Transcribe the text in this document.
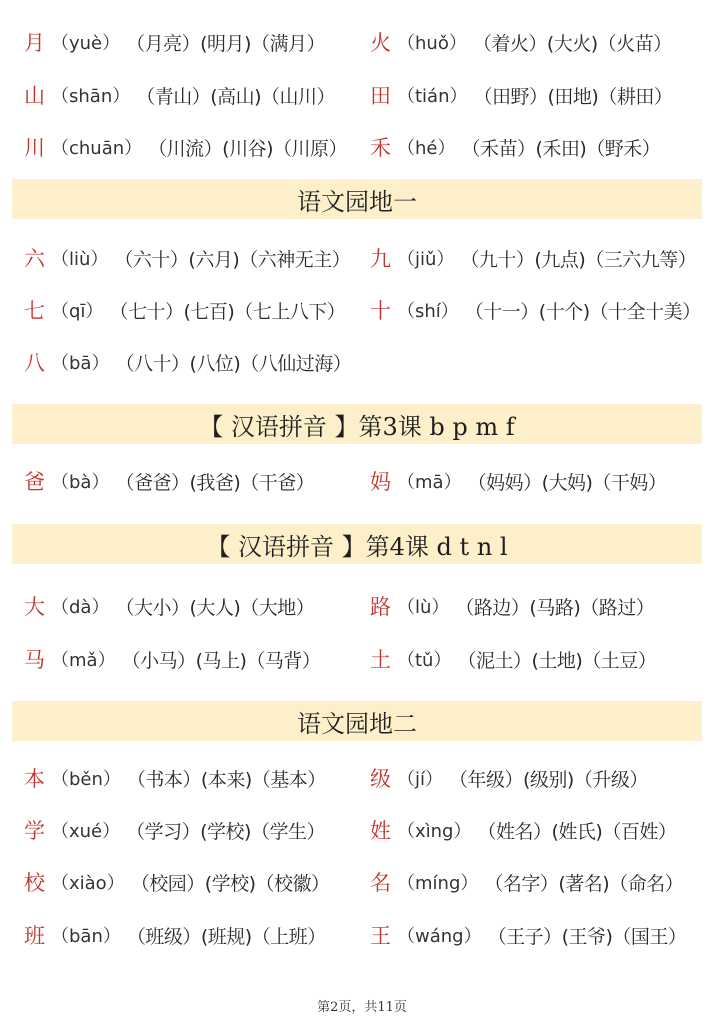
月 （yuè） （月亮）(明月)（满月） 火 （huǒ） （着火）(大火)（火苗）
山 （shān） （青山）(高山)（山川） 田 （tián） （田野）(田地)（耕田）
川 （chuān） （川流）(川谷)（川原） 禾 （hé） （禾苗）(禾田)（野禾）
语文园地一
六 （liù） （六十）(六月)（六神无主） 九 （jiǔ） （九十）(九点)（三六九等）
七 （qī） （七十）(七百)（七上八下） 十 （shí） （十一）(十个)（十全十美）
八 （bā） （八十）(八位)（八仙过海）
【 汉语拼音 】第3课 b p m f
爸 （bà） （爸爸）(我爸)（干爸）	妈 （mā） （妈妈）(大妈)（干妈）
【 汉语拼音 】第4课 d t n l
大 （dà） （大小）(大人)（大地）	路 （lù） （路边）(马路)（路过）
马 （mǎ） （小马）(马上)（马背） 土 （tǔ） （泥土）(土地)（土豆）
语文园地二
本 （běn） （书本）(本来)（基本） 级 （jí） （年级）(级别)（升级）
学 （xué） （学习）(学校)（学生） 姓 （xìng） （姓名）(姓氏)（百姓）
校 （xiào） （校园）(学校)（校徽） 名 （míng） （名字）(著名)（命名）
班 （bān） （班级）(班规)（上班） 王 （wáng） （王子）(王爷)（国王）
第2页，共11页
